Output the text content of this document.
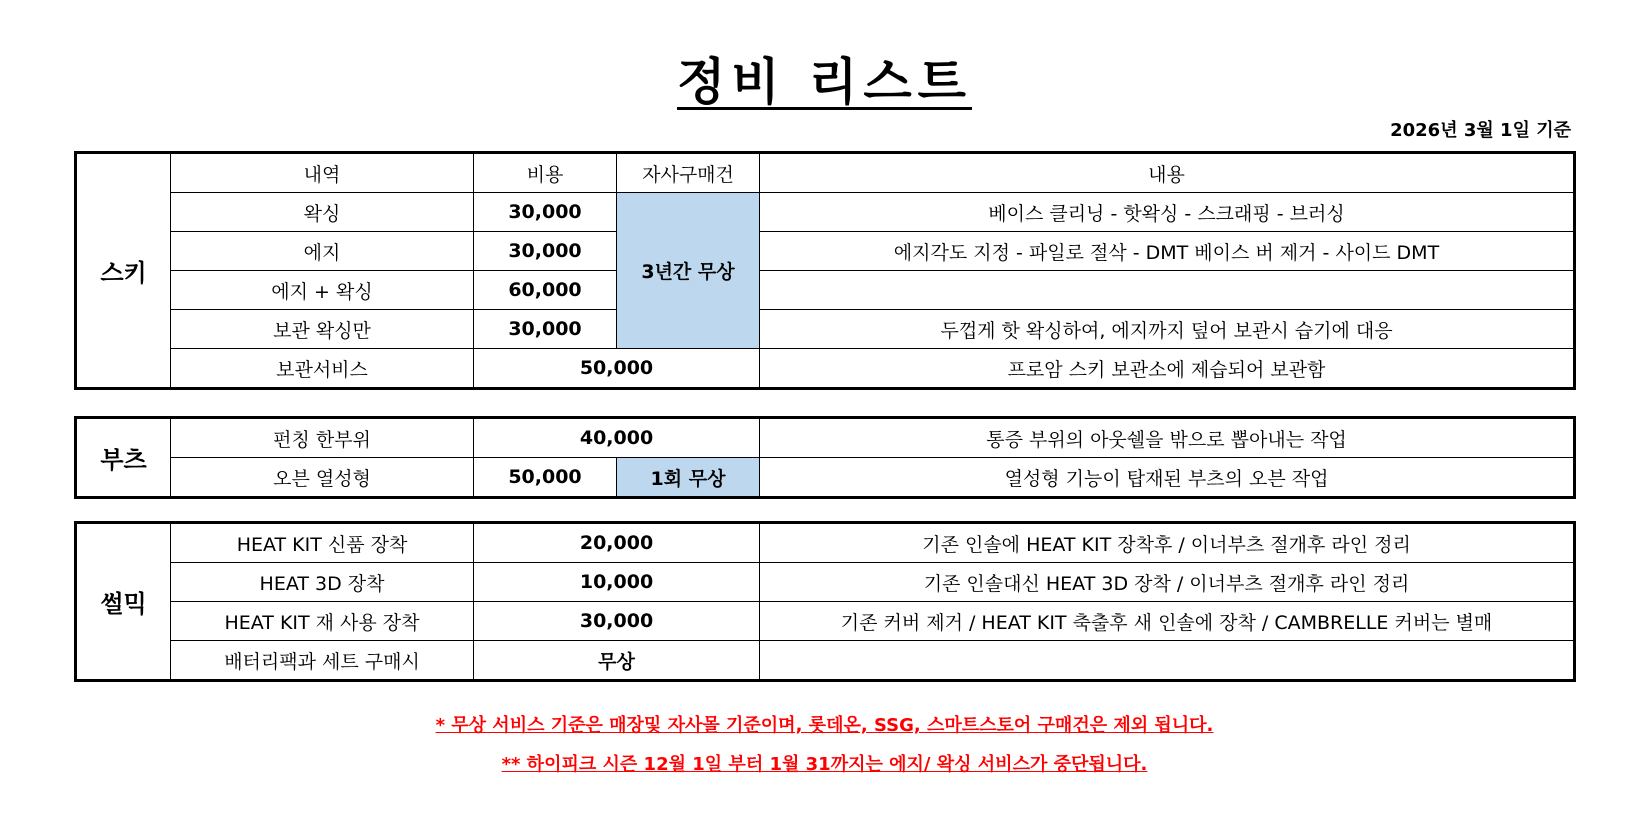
정비 리스트
2026년 3월 1일 기준
스키	내역	비용	자사구매건	내용
	왁싱	30,000	3년간 무상	베이스 클리닝 - 핫왁싱 - 스크래핑 - 브러싱
	에지	30,000		에지각도 지정 - 파일로 절삭 - DMT 베이스 버 제거 - 사이드 DMT
	에지 + 왁싱	60,000		
	보관 왁싱만	30,000		두껍게 핫 왁싱하여, 에지까지 덮어 보관시 습기에 대응
	보관서비스	50,000		프로암 스키 보관소에 제습되어 보관함
부츠	펀칭 한부위	40,000		통증 부위의 아웃쉘을 밖으로 뽑아내는 작업
	오븐 열성형	50,000	1회 무상	열성형 기능이 탑재된 부츠의 오븐 작업
썰믹	HEAT KIT 신품 장착	20,000	기존 인솔에 HEAT KIT 장착후 / 이너부츠 절개후 라인 정리
	HEAT 3D 장착	10,000	기존 인솔대신 HEAT 3D 장착 / 이너부츠 절개후 라인 정리
	HEAT KIT 재 사용 장착	30,000	기존 커버 제거 / HEAT KIT 축출후 새 인솔에 장착 / CAMBRELLE 커버는 별매
	배터리팩과 세트 구매시	무상	
* 무상 서비스 기준은 매장및 자사몰 기준이며, 롯데온, SSG, 스마트스토어 구매건은 제외 됩니다.
** 하이피크 시즌 12월 1일 부터 1월 31까지는 에지/ 왁싱 서비스가 중단됩니다.
